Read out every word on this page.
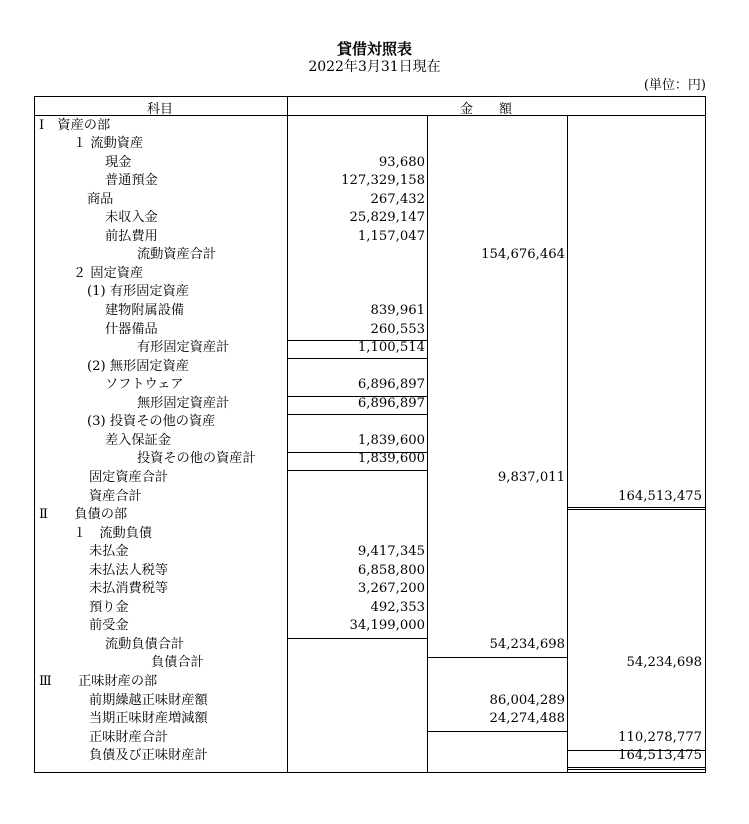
貸借対照表
2022年3月31日現在
(単位：円)
科目	金　　額
Ⅰ　資産の部
１ 流動資産
現金	93,680
普通預金	127,329,158
商品	267,432
未収入金	25,829,147
前払費用	1,157,047
流動資産合計	154,676,464
２ 固定資産
(1) 有形固定資産
建物附属設備	839,961
什器備品	260,553
有形固定資産計	1,100,514
(2) 無形固定資産
ソフトウェア	6,896,897
無形固定資産計	6,896,897
(3) 投資その他の資産
差入保証金	1,839,600
投資その他の資産計	1,839,600
固定資産合計	9,837,011
資産合計	164,513,475
Ⅱ　　負債の部
１　流動負債
未払金	9,417,345
未払法人税等	6,858,800
未払消費税等	3,267,200
預り金	492,353
前受金	34,199,000
流動負債合計	54,234,698
負債合計	54,234,698
Ⅲ　　正味財産の部
前期繰越正味財産額	86,004,289
当期正味財産増減額	24,274,488
正味財産合計	110,278,777
負債及び正味財産計	164,513,475
